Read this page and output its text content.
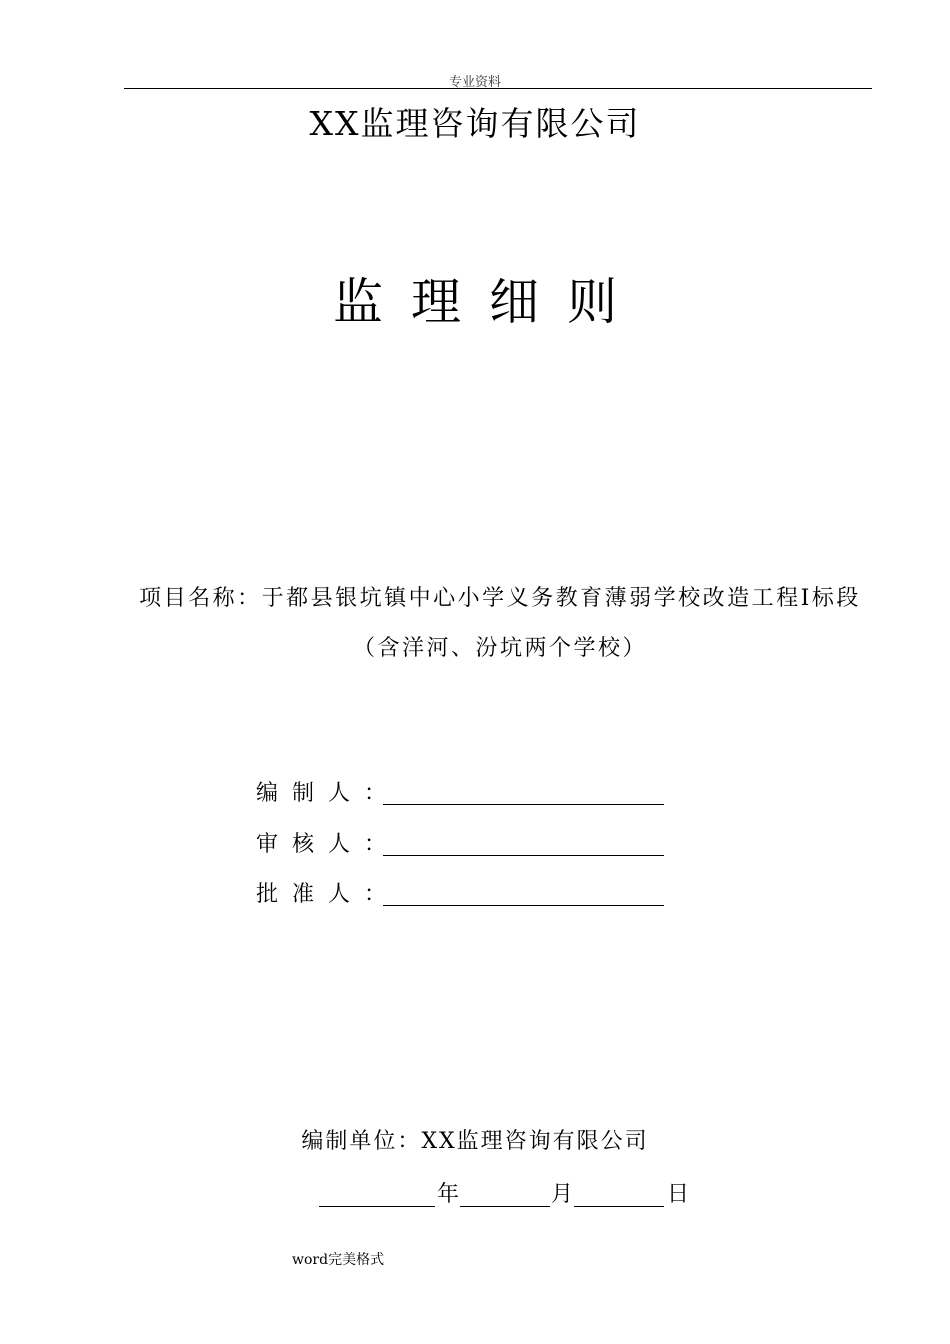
专业资料
XX监理咨询有限公司
监理细则
项目名称：于都县银坑镇中心小学义务教育薄弱学校改造工程Ⅰ标段（含洋河、汾坑两个学校）
编制人：
审核人：
批准人：
编制单位：XX监理咨询有限公司
年	月	日
word完美格式
